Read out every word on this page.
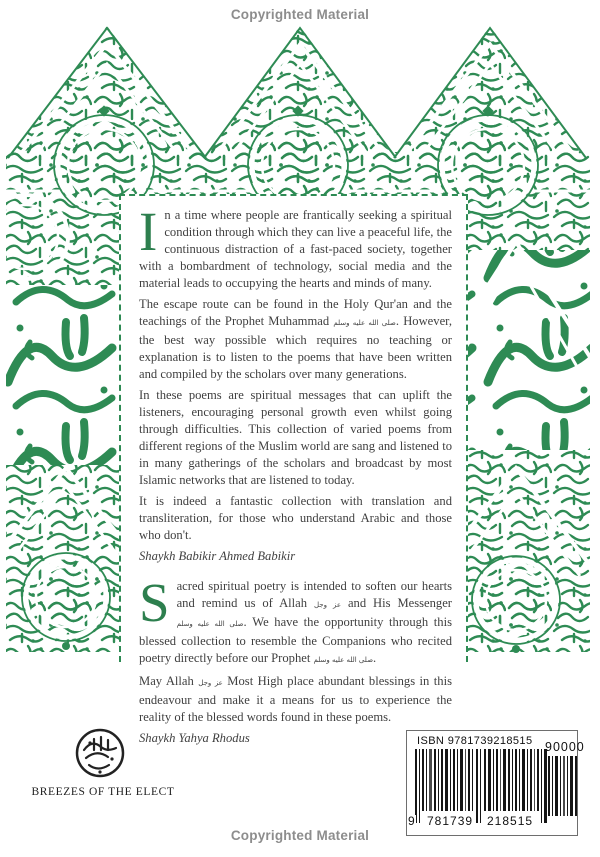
Copyrighted Material

In a time where people are frantically seeking a spiritual condition through which they can live a peaceful life, the continuous distraction of a fast-paced society, together with a bombardment of technology, social media and the material leads to occupying the hearts and minds of many.

The escape route can be found in the Holy Qur'an and the teachings of the Prophet Muhammad صلى الله عليه وسلم. However, the best way possible which requires no teaching or explanation is to listen to the poems that have been written and compiled by the scholars over many generations.

In these poems are spiritual messages that can uplift the listeners, encouraging personal growth even whilst going through difficulties. This collection of varied poems from different regions of the Muslim world are sang and listened to in many gatherings of the scholars and broadcast by most Islamic networks that are listened to today.

It is indeed a fantastic collection with translation and transliteration, for those who understand Arabic and those who don't.

Shaykh Babikir Ahmed Babikir

Sacred spiritual poetry is intended to soften our hearts and remind us of Allah عز وجل and His Messenger صلى الله عليه وسلم. We have the opportunity through this blessed collection to resemble the Companions who recited poetry directly before our Prophet صلى الله عليه وسلم.

May Allah عز وجل Most High place abundant blessings in this endeavour and make it a means for us to experience the reality of the blessed words found in these poems.

Shaykh Yahya Rhodus

BREEZES OF THE ELECT
ISBN 9781739218515
9 781739 218515
90000
Copyrighted Material
